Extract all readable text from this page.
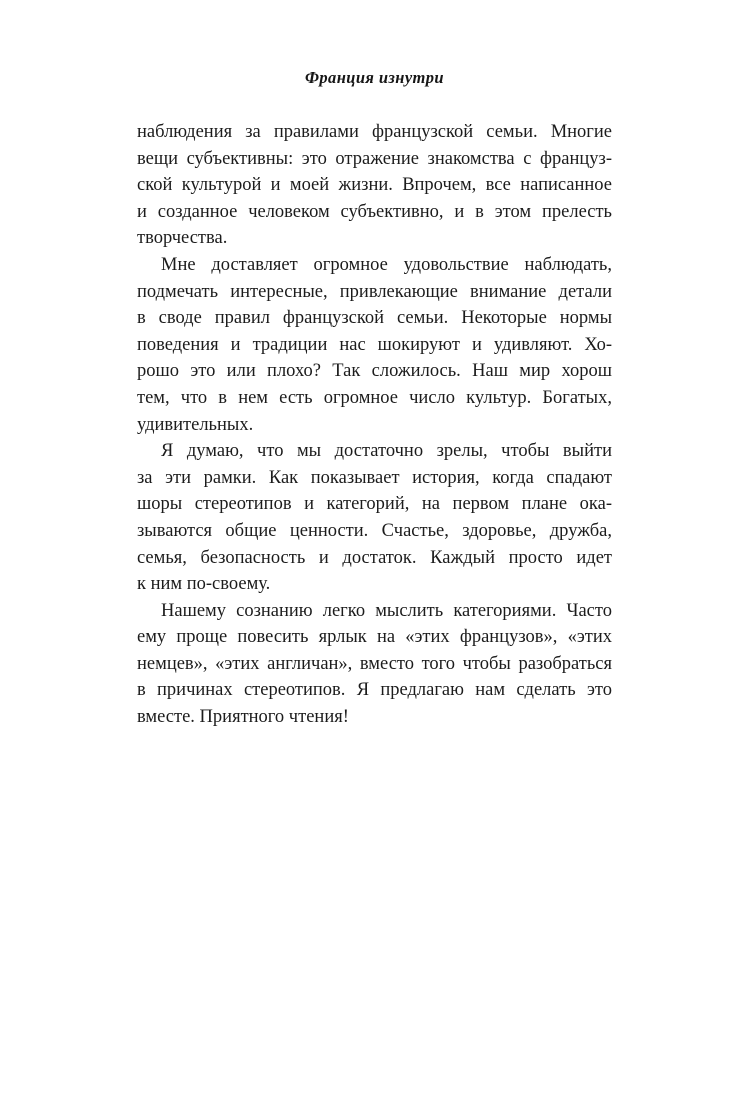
Франция изнутри
наблюдения за правилами французской семьи. Многие
вещи субъективны: это отражение знакомства с француз-
ской культурой и моей жизни. Впрочем, все написанное
и созданное человеком субъективно, и в этом прелесть
творчества.
Мне доставляет огромное удовольствие наблюдать,
подмечать интересные, привлекающие внимание детали
в своде правил французской семьи. Некоторые нормы
поведения и традиции нас шокируют и удивляют. Хо-
рошо это или плохо? Так сложилось. Наш мир хорош
тем, что в нем есть огромное число культур. Богатых,
удивительных.
Я думаю, что мы достаточно зрелы, чтобы выйти
за эти рамки. Как показывает история, когда спадают
шоры стереотипов и категорий, на первом плане ока-
зываются общие ценности. Счастье, здоровье, дружба,
семья, безопасность и достаток. Каждый просто идет
к ним по-своему.
Нашему сознанию легко мыслить категориями. Часто
ему проще повесить ярлык на «этих французов», «этих
немцев», «этих англичан», вместо того чтобы разобраться
в причинах стереотипов. Я предлагаю нам сделать это
вместе. Приятного чтения!
